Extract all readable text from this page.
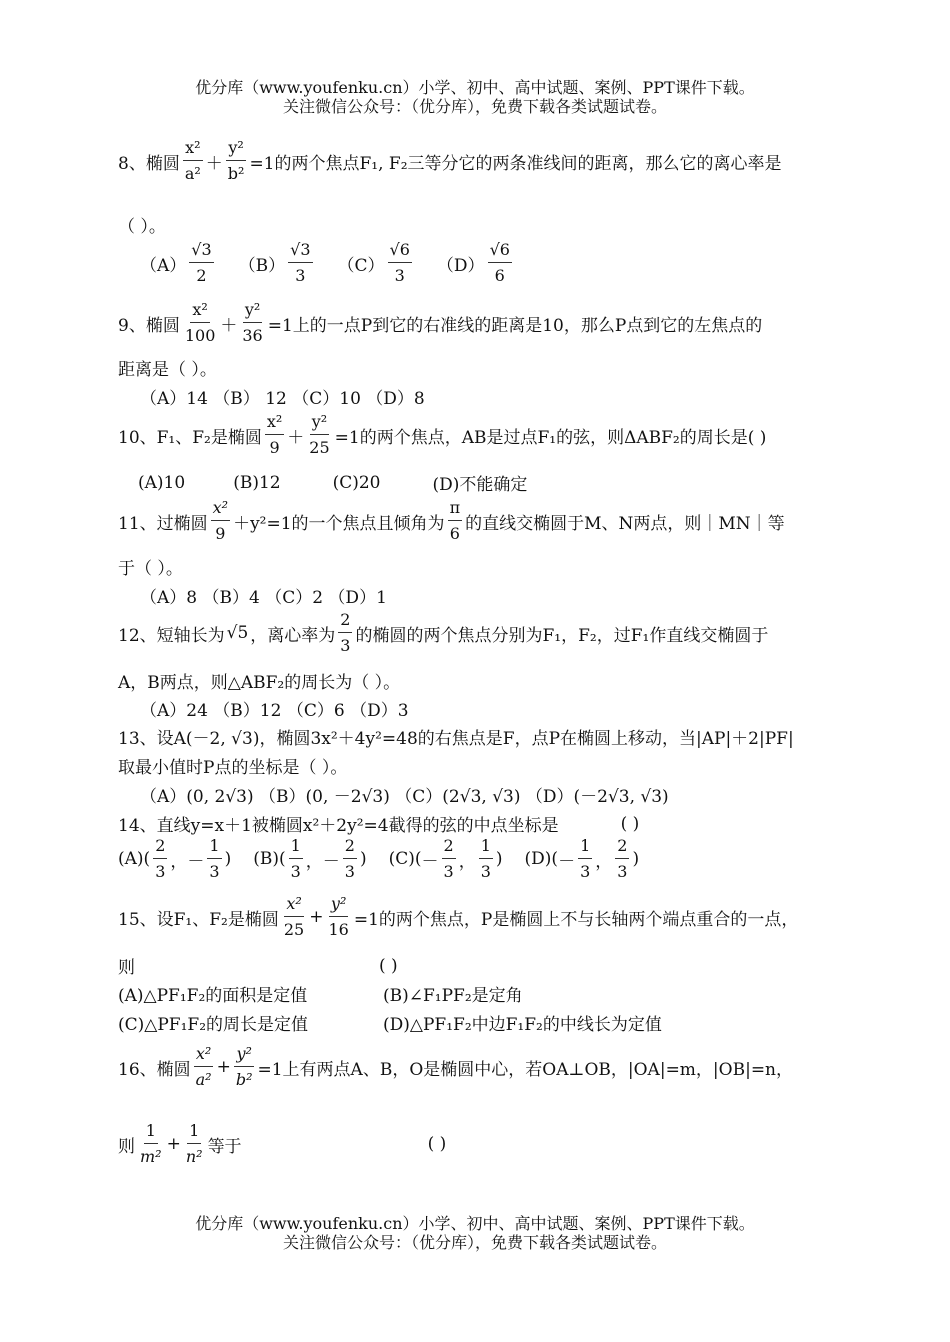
优分库（www.youfenku.cn）小学、初中、高中试题、案例、PPT课件下载。
关注微信公众号：（优分库），免费下载各类试题试卷。
8、椭圆 $\frac{\text{x²}}{\text{a²}} + \frac{\text{y²}}{\text{b²}} =1$的两个焦点F₁, F₂三等分它的两条准线间的距离，那么它的离心率是
（ ）。
$(A) \frac{√3}{2} (B) \frac{√3}{3} (C) \frac{√6}{3} (D) \frac{√6}{6}$
9、椭圆 $\frac{\text{x²}}{100} + \frac{\text{y²}}{36} =1$上的一点P到它的右准线的距离是10，那么P点到它的左焦点的
距离是（ ）。
（A）14 （B） 12 （C）10 （D）8
10、F₁、F₂是椭圆 $\frac{\text{x²}}{9} + \frac{\text{y²}}{25} =1$的两个焦点，AB是过点F₁的弦，则ΔABF₂的周长是( )
(A)10	(B)12	(C)20	(D)不能确定
11、过椭圆 $\frac{\text{x²}}{9} +y^2=1$的一个焦点且倾角为 $\frac{\pi}{6}$ 的直线交椭圆于M、N两点，则｜MN｜等
于（ ）。
（A）8 （B）4 （C）2 （D）1
12、短轴长为 √5 ，离心率为 $\frac{2}{3}$ 的椭圆的两个焦点分别为F₁，F₂，过F₁作直线交椭圆于
A，B两点，则△ABF₂的周长为（ ）。
（A）24 （B）12 （C）6 （D）3
13、设A(－2, √3)，椭圆3x²＋4y²=48的右焦点是F，点P在椭圆上移动，当|AP|＋2|PF|
取最小值时P点的坐标是（ ）。
（A）(0, 2√3) （B）(0, －2√3) （C）(2√3, √3) （D）(－2√3, √3)
14、直线y=x＋1被椭圆x²＋2y²=4截得的弦的中点坐标是	( )
$(A)( \frac{2}{3}$ ， － $\frac{1}{3}$ ) $(B)( \frac{1}{3}$ ， － $\frac{2}{3}$ ) $(C)( - \frac{2}{3}$ ， $\frac{1}{3}$ ) $(D)( - \frac{1}{3}$ ， $\frac{2}{3}$ )
15、设F₁、F₂是椭圆 $\frac{\text{x²}}{25} + \frac{\text{y²}}{16} =1$的两个焦点，P是椭圆上不与长轴两个端点重合的一点，
则	( )
(A)△PF₁F₂的面积是定值	(B)∠F₁PF₂是定角
(C)△PF₁F₂的周长是定值	(D)△PF₁F₂中边F₁F₂的中线长为定值
16、椭圆 $\frac{\text{x²}}{\text{a²}} + \frac{\text{y²}}{\text{b²}} =1$上有两点A、B，O是椭圆中心，若OA⊥OB，|OA|=m，|OB|=n，
则 $\frac{1}{\text{m²}} + \frac{1}{\text{n²}}$ 等于	( )
优分库（www.youfenku.cn）小学、初中、高中试题、案例、PPT课件下载。
关注微信公众号：（优分库），免费下载各类试题试卷。
